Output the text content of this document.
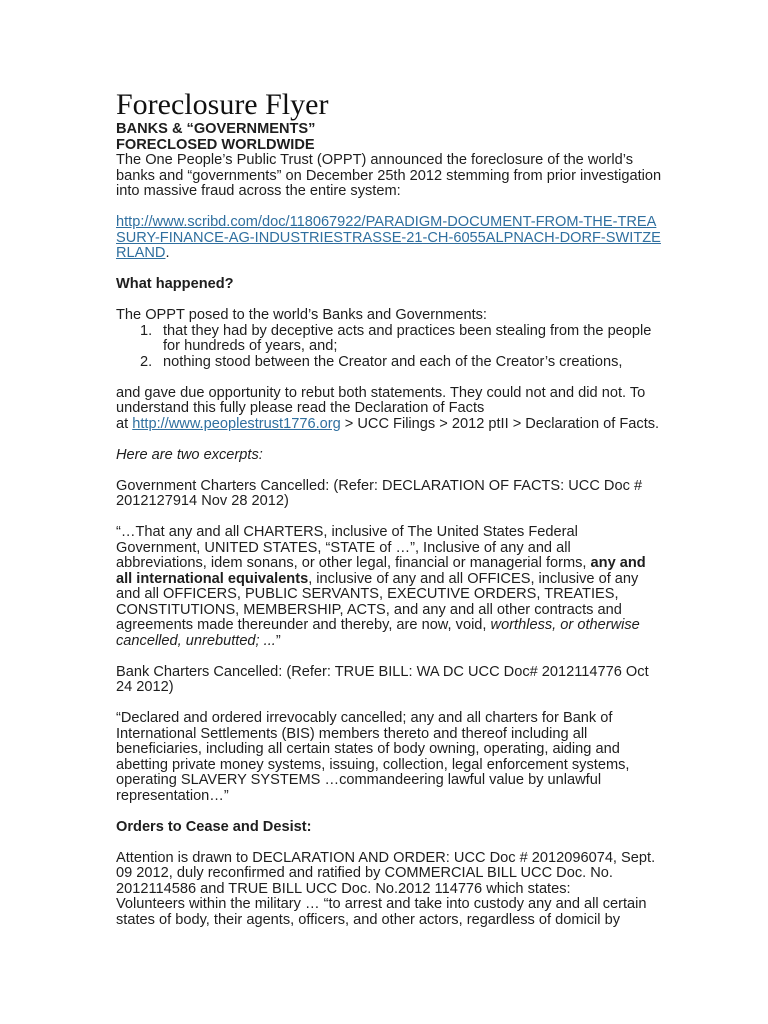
Foreclosure Flyer

BANKS & “GOVERNMENTS”

FORECLOSED WORLDWIDE

The One People’s Public Trust (OPPT) announced the foreclosure of the world’s banks and “governments” on December 25th 2012 stemming from prior investigation into massive fraud across the entire system:

http://www.scribd.com/doc/118067922/PARADIGM-DOCUMENT-FROM-THE-TREASURY-FINANCE-AG-INDUSTRIESTRASSE-21-CH-6055ALPNACH-DORF-SWITZERLAND.

What happened?

The OPPT posed to the world’s Banks and Governments:

1. that they had by deceptive acts and practices been stealing from the people for hundreds of years, and;
2. nothing stood between the Creator and each of the Creator’s creations,

and gave due opportunity to rebut both statements. They could not and did not. To understand this fully please read the Declaration of Facts
at http://www.peoplestrust1776.org > UCC Filings > 2012 ptII > Declaration of Facts.

Here are two excerpts:

Government Charters Cancelled: (Refer: DECLARATION OF FACTS: UCC Doc # 2012127914 Nov 28 2012)

“…That any and all CHARTERS, inclusive of The United States Federal Government, UNITED STATES, “STATE of …”, Inclusive of any and all abbreviations, idem sonans, or other legal, financial or managerial forms, any and all international equivalents, inclusive of any and all OFFICES, inclusive of any and all OFFICERS, PUBLIC SERVANTS, EXECUTIVE ORDERS, TREATIES, CONSTITUTIONS, MEMBERSHIP, ACTS, and any and all other contracts and agreements made thereunder and thereby, are now, void, worthless, or otherwise cancelled, unrebutted; ...”

Bank Charters Cancelled: (Refer: TRUE BILL: WA DC UCC Doc# 2012114776 Oct 24 2012)

“Declared and ordered irrevocably cancelled; any and all charters for Bank of International Settlements (BIS) members thereto and thereof including all beneficiaries, including all certain states of body owning, operating, aiding and abetting private money systems, issuing, collection, legal enforcement systems, operating SLAVERY SYSTEMS …commandeering lawful value by unlawful representation…”

Orders to Cease and Desist:

Attention is drawn to DECLARATION AND ORDER: UCC Doc # 2012096074, Sept. 09 2012, duly reconfirmed and ratified by COMMERCIAL BILL UCC Doc. No. 2012114586 and TRUE BILL UCC Doc. No.2012 114776 which states:

Volunteers within the military … “to arrest and take into custody any and all certain states of body, their agents, officers, and other actors, regardless of domicil by
